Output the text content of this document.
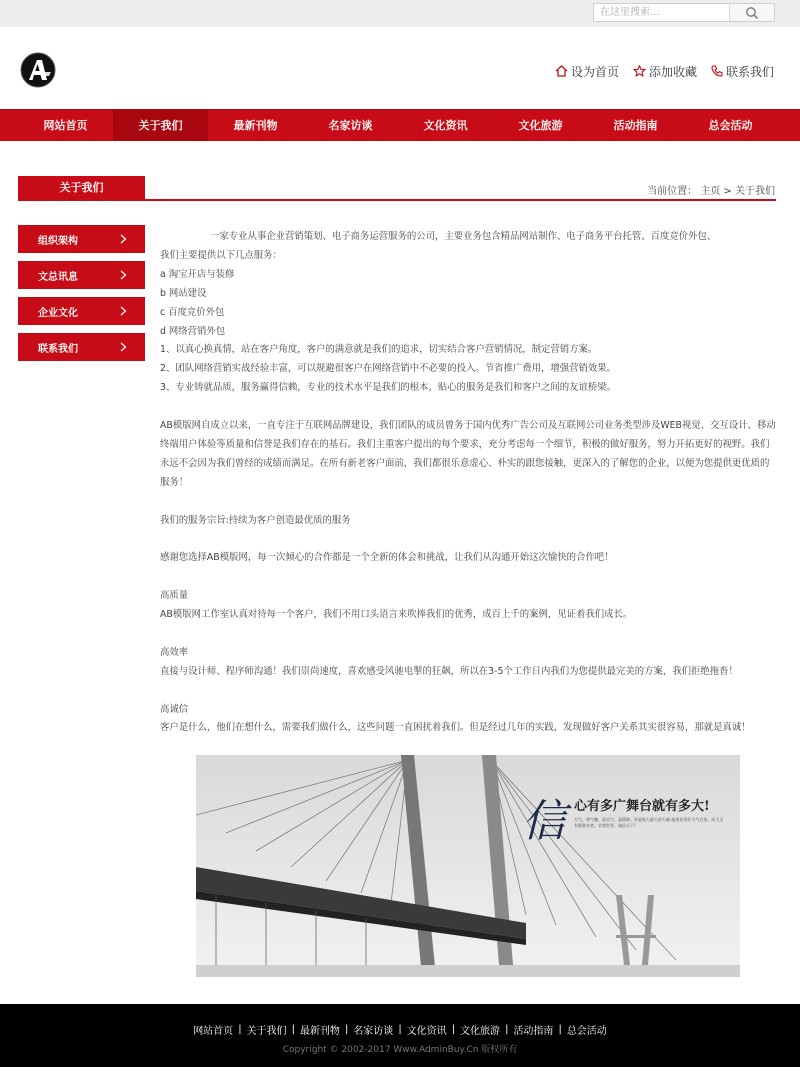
在这里搜索...
设为首页	添加收藏 联系我们
网站首页	关于我们	最新刊物	名家访谈	文化资讯	文化旅游	活动指南	总会活动
关于我们	当前位置： 主页 > 关于我们
组织架构
文总讯息
企业文化
联系我们

一家专业从事企业营销策划、电子商务运营服务的公司，主要业务包含精品网站制作、电子商务平台托管、百度竞价外包、

我们主要提供以下几点服务：

a 淘宝开店与装修

b 网站建设

c 百度竞价外包

d 网络营销外包

1、以真心换真情，站在客户角度，客户的满意就是我们的追求，切实结合客户营销情况，制定营销方案。

2、团队网络营销实战经验丰富，可以规避很客户在网络营销中不必要的投入。节省推广费用，增强营销效果。

3、专业铸就品质，服务赢得信赖，专业的技术水平是我们的根本，贴心的服务是我们和客户之间的友谊桥梁。

AB模版网自成立以来，一直专注于互联网品牌建设，我们团队的成员曾务于国内优秀广告公司及互联网公司业务类型涉及WEB视觉、交互设计、移动终端用户体验等质量和信誉是我们存在的基石。我们主重客户提出的每个要求，充分考虑每一个细节，积极的做好服务，努力开拓更好的视野。我们永远不会因为我们曾经的成绩而满足。在所有新老客户面前，我们都很乐意虚心、朴实的跟您接触，更深入的了解您的企业，以便为您提供更优质的服务！

我们的服务宗旨:持续为客户创造最优质的服务

感谢您选择AB模版网，每一次倾心的合作都是一个全新的体会和挑战，让我们从沟通开始这次愉快的合作吧！

高质量

AB模版网工作室认真对待每一个客户，我们不用口头语言来吹捧我们的优秀，成百上千的案例，见证着我们成长。

高效率

直接与设计师、程序师沟通！我们崇尚速度，喜欢感受风驰电掣的狂飙，所以在3-5个工作日内我们为您提供最完美的方案，我们拒绝拖沓！

高诚信

客户是什么，他们在想什么，需要我们做什么，这些问题一直困扰着我们。但是经过几年的实践，发现做好客户关系其实很容易，那就是真诚！

信 心有多广舞台就有多大!
大气、勇气魄、是实力、是精神。更是致力最大的力量 旅途更美好大气合金。成大全有服务业者。求者世界、诚信天下!
网站首页 | 关于我们 | 最新刊物 | 名家访谈 | 文化资讯 | 文化旅游 | 活动指南 | 总会活动
Copyright © 2002-2017 Www.AdminBuy.Cn 版权所有
